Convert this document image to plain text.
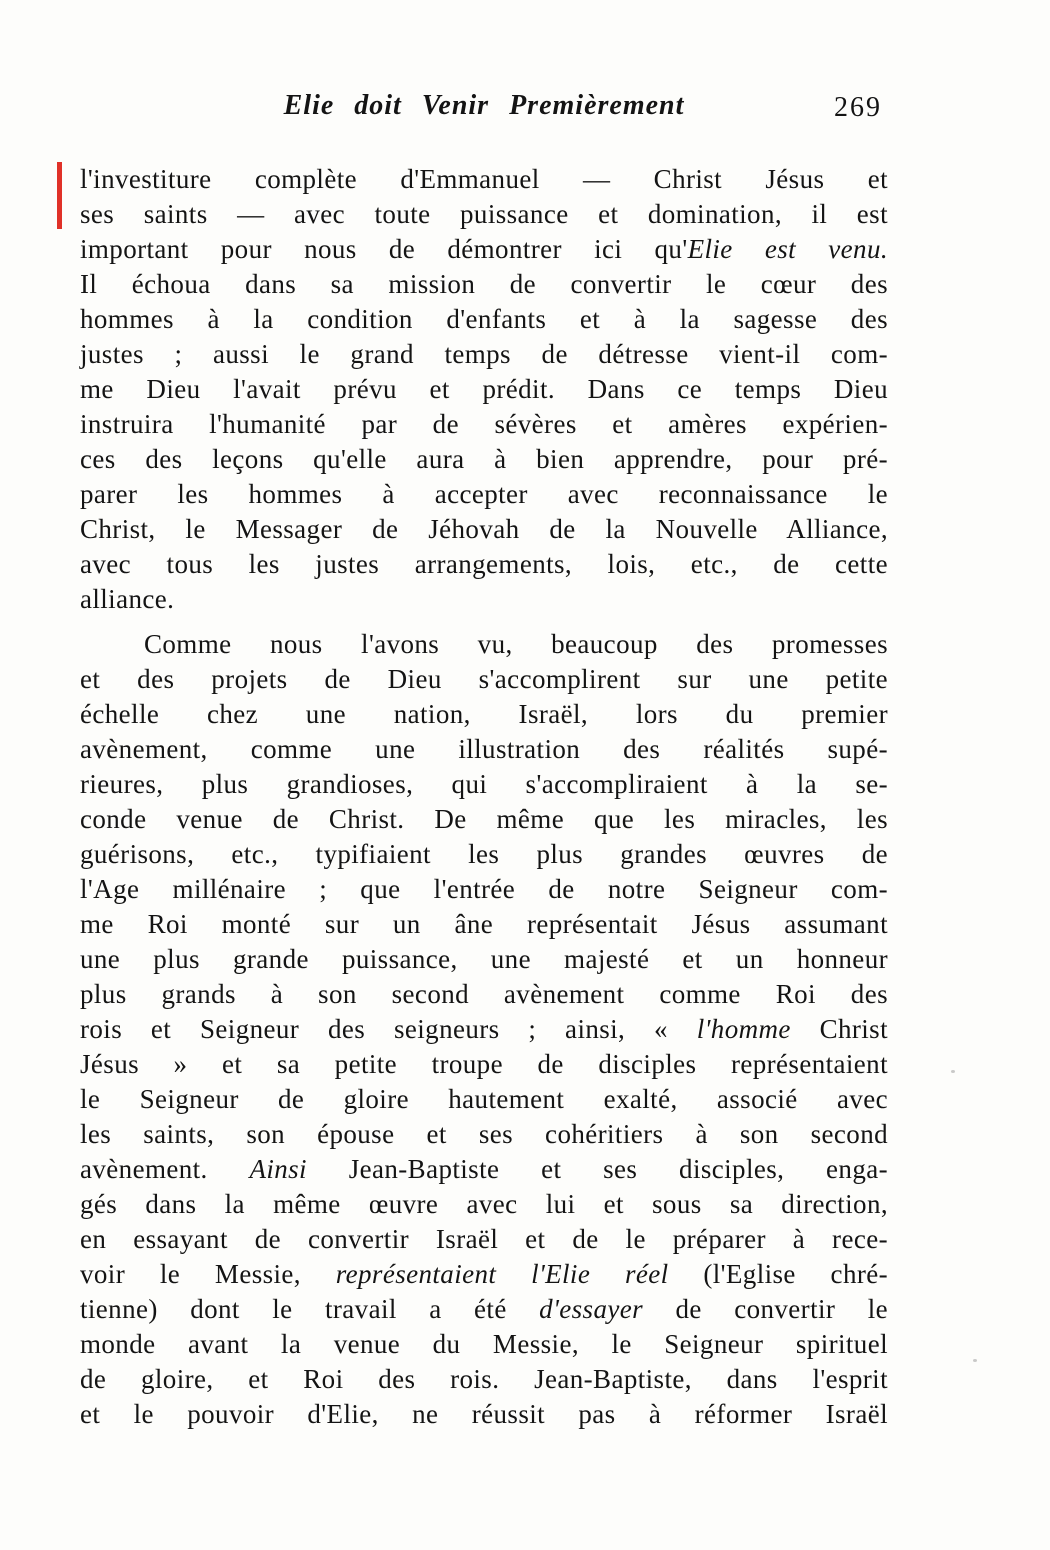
Elie doit Venir Premièrement	269
l'investiture complète d'Emmanuel — Christ Jésus et
ses saints — avec toute puissance et domination, il est
important pour nous de démontrer ici qu'Elie est venu.
Il échoua dans sa mission de convertir le cœur des
hommes à la condition d'enfants et à la sagesse des
justes ; aussi le grand temps de détresse vient-il com-
me Dieu l'avait prévu et prédit. Dans ce temps Dieu
instruira l'humanité par de sévères et amères expérien-
ces des leçons qu'elle aura à bien apprendre, pour pré-
parer les hommes à accepter avec reconnaissance le
Christ, le Messager de Jéhovah de la Nouvelle Alliance,
avec tous les justes arrangements, lois, etc., de cette
alliance.
Comme nous l'avons vu, beaucoup des promesses
et des projets de Dieu s'accomplirent sur une petite
échelle chez une nation, Israël, lors du premier
avènement, comme une illustration des réalités supé-
rieures, plus grandioses, qui s'accompliraient à la se-
conde venue de Christ. De même que les miracles, les
guérisons, etc., typifiaient les plus grandes œuvres de
l'Age millénaire ; que l'entrée de notre Seigneur com-
me Roi monté sur un âne représentait Jésus assumant
une plus grande puissance, une majesté et un honneur
plus grands à son second avènement comme Roi des
rois et Seigneur des seigneurs ; ainsi, « l'homme Christ
Jésus » et sa petite troupe de disciples représentaient
le Seigneur de gloire hautement exalté, associé avec
les saints, son épouse et ses cohéritiers à son second
avènement. Ainsi Jean-Baptiste et ses disciples, enga-
gés dans la même œuvre avec lui et sous sa direction,
en essayant de convertir Israël et de le préparer à rece-
voir le Messie, représentaient l'Elie réel (l'Eglise chré-
tienne) dont le travail a été d'essayer de convertir le
monde avant la venue du Messie, le Seigneur spirituel
de gloire, et Roi des rois. Jean-Baptiste, dans l'esprit
et le pouvoir d'Elie, ne réussit pas à réformer Israël
